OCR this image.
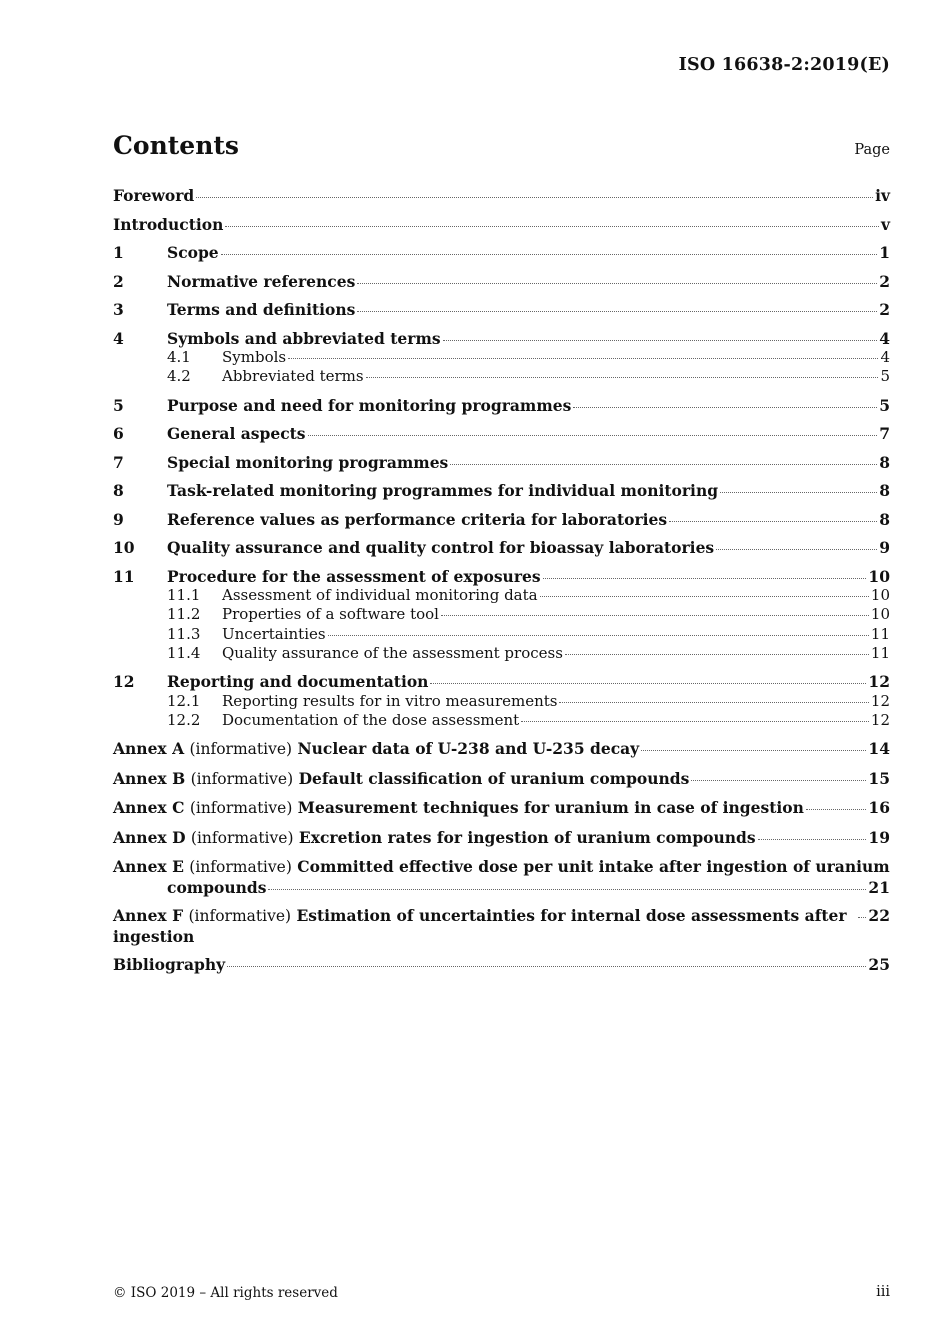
ISO 16638-2:2019(E)
Contents	Page
Foreword	iv
Introduction	v
1	Scope	1
2	Normative references	2
3	Terms and definitions	2
4	Symbols and abbreviated terms	4
4.1	Symbols	4
4.2	Abbreviated terms	5
5	Purpose and need for monitoring programmes	5
6	General aspects	7
7	Special monitoring programmes	8
8	Task-related monitoring programmes for individual monitoring	8
9	Reference values as performance criteria for laboratories	8
10	Quality assurance and quality control for bioassay laboratories	9
11	Procedure for the assessment of exposures	10
11.1	Assessment of individual monitoring data	10
11.2	Properties of a software tool	10
11.3	Uncertainties	11
11.4	Quality assurance of the assessment process	11
12	Reporting and documentation	12
12.1	Reporting results for in vitro measurements	12
12.2	Documentation of the dose assessment	12
Annex A (informative) Nuclear data of U-238 and U-235 decay	14
Annex B (informative) Default classification of uranium compounds	15
Annex C (informative) Measurement techniques for uranium in case of ingestion	16
Annex D (informative) Excretion rates for ingestion of uranium compounds	19
Annex E (informative) Committed effective dose per unit intake after ingestion of uranium
compounds	21
Annex F (informative) Estimation of uncertainties for internal dose assessments after ingestion
22
Bibliography	25
© ISO 2019 – All rights reserved	iii
